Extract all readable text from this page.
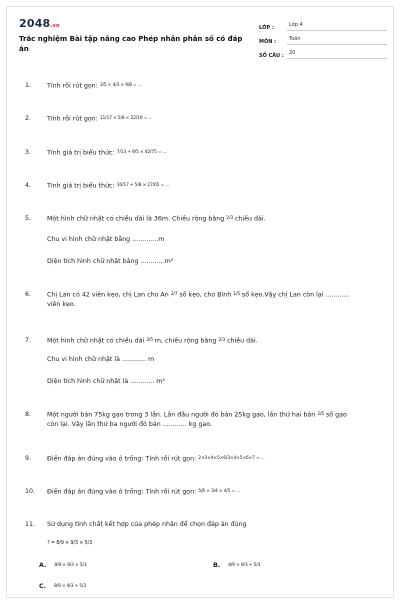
2048.vn
Trắc nghiệm Bài tập nâng cao Phép nhân phân số có đáp án
LỚP :	Lớp 4
MÔN :	Toán
SỐ CÂU :	20
1.	Tính rồi rút gọn: 3/5 × 4/3 × 9/8 = ...
2.	Tính rồi rút gọn: 11/17 × 5/8 × 22/19 = ...
3.	Tính giá trị biểu thức: 7/13 + 9/5 × 42/75 = ...
4.	Tính giá trị biểu thức: 10/17 + 5/8 × 27/65 = ...
5.	Một hình chữ nhật có chiều dài là 36m. Chiều rộng bằng 2/3 chiều dài.
Chu vi hình chữ nhật bằng .............m
Diện tích hình chữ nhật bằng ............m²
6.	Chị Lan có 42 viên kẹo, chị Lan cho An 2/7 số kẹo, cho Bình 1/5 số kẹo.Vậy chị Lan còn lại ............
viên kẹo.
7.	Một hình chữ nhật có chiều dài 3/5 m, chiều rộng bằng 2/3 chiều dài.
Chu vi hình chữ nhật là ............ m
Diện tích hình chữ nhật là ............ m²
8.	Một người bán 75kg gạo trong 3 lần. Lần đầu người đó bán 25kg gạo, lần thứ hai bán 2/5 số gạo
còn lại. Vậy lần thứ ba người đó bán ............ kg gạo.
9.	Điền đáp án đúng vào ô trống: Tính rồi rút gọn: 2×3×4×5×6/3×4×5×6×7 = ...
10. Điền đáp án đúng vào ô trống: Tính rồi rút gọn: 5/6 × 3/4 × 4/5 = ...
11. Sử dụng tính chất kết hợp của phép nhân để chọn đáp án đúng
? = 8/9 × 9/3 × 5/3
A. 8/9 × 9/3 × 5/3	B. 8/9 × 9/3 + 5/3
C. 8/9 × 9/3 + 5/3
